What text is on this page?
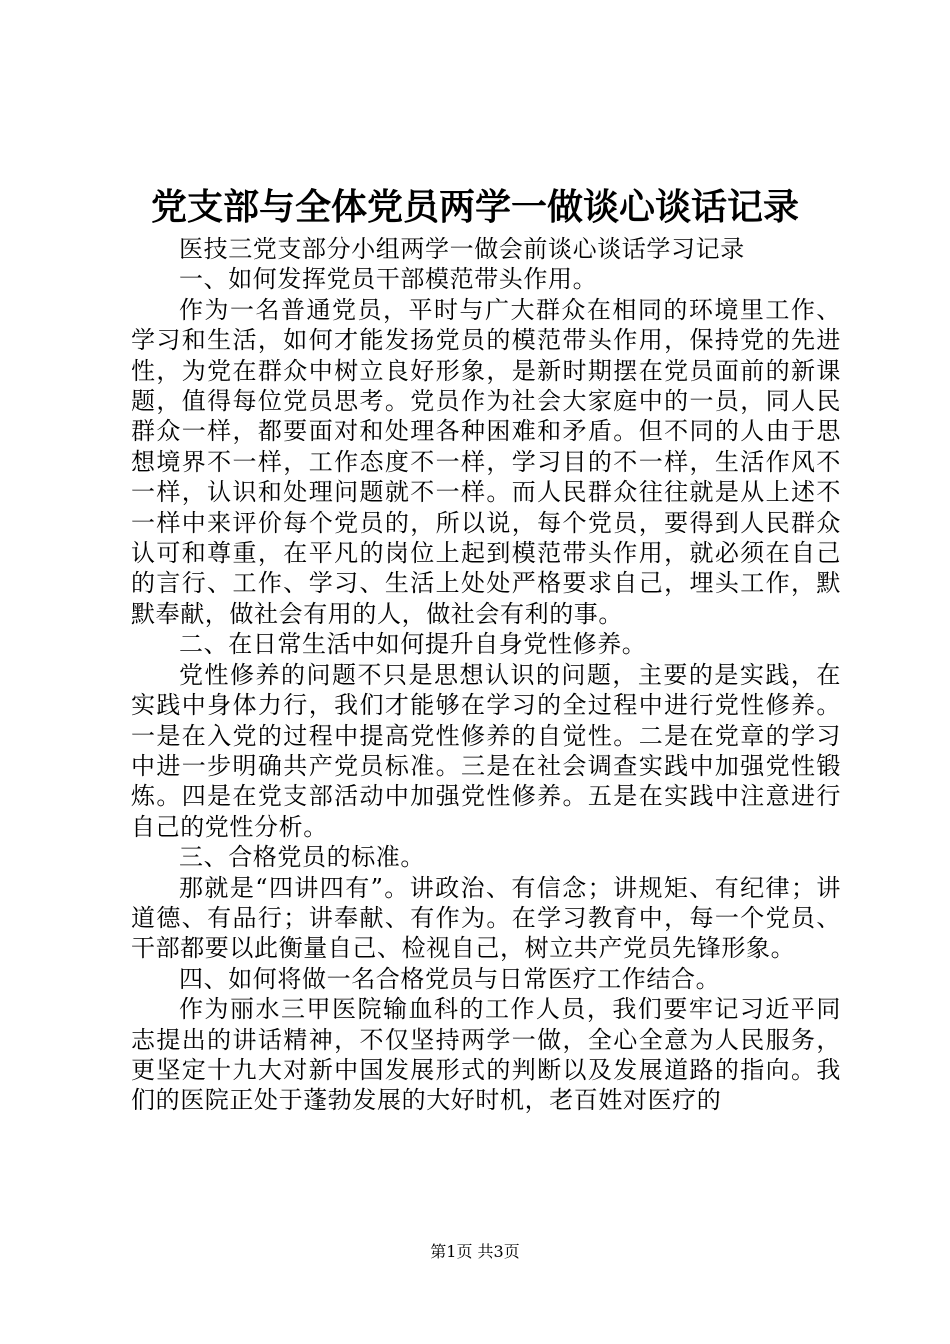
党支部与全体党员两学一做谈心谈话记录

医技三党支部分小组两学一做会前谈心谈话学习记录

一、如何发挥党员干部模范带头作用。

作为一名普通党员，平时与广大群众在相同的环境里工作、学习和生活，如何才能发扬党员的模范带头作用，保持党的先进性，为党在群众中树立良好形象，是新时期摆在党员面前的新课题，值得每位党员思考。党员作为社会大家庭中的一员，同人民群众一样，都要面对和处理各种困难和矛盾。但不同的人由于思想境界不一样，工作态度不一样，学习目的不一样，生活作风不一样，认识和处理问题就不一样。而人民群众往往就是从上述不一样中来评价每个党员的，所以说，每个党员，要得到人民群众认可和尊重，在平凡的岗位上起到模范带头作用，就必须在自己的言行、工作、学习、生活上处处严格要求自己，埋头工作，默默奉献，做社会有用的人，做社会有利的事。

二、在日常生活中如何提升自身党性修养。

党性修养的问题不只是思想认识的问题，主要的是实践，在实践中身体力行，我们才能够在学习的全过程中进行党性修养。一是在入党的过程中提高党性修养的自觉性。二是在党章的学习中进一步明确共产党员标准。三是在社会调查实践中加强党性锻炼。四是在党支部活动中加强党性修养。五是在实践中注意进行自己的党性分析。

三、合格党员的标准。

那就是“四讲四有”。讲政治、有信念；讲规矩、有纪律；讲道德、有品行；讲奉献、有作为。在学习教育中，每一个党员、干部都要以此衡量自己、检视自己，树立共产党员先锋形象。

四、如何将做一名合格党员与日常医疗工作结合。

作为丽水三甲医院输血科的工作人员，我们要牢记习近平同志提出的讲话精神，不仅坚持两学一做，全心全意为人民服务，更坚定十九大对新中国发展形式的判断以及发展道路的指向。我们的医院正处于蓬勃发展的大好时机，老百姓对医疗的

第1页 共3页
